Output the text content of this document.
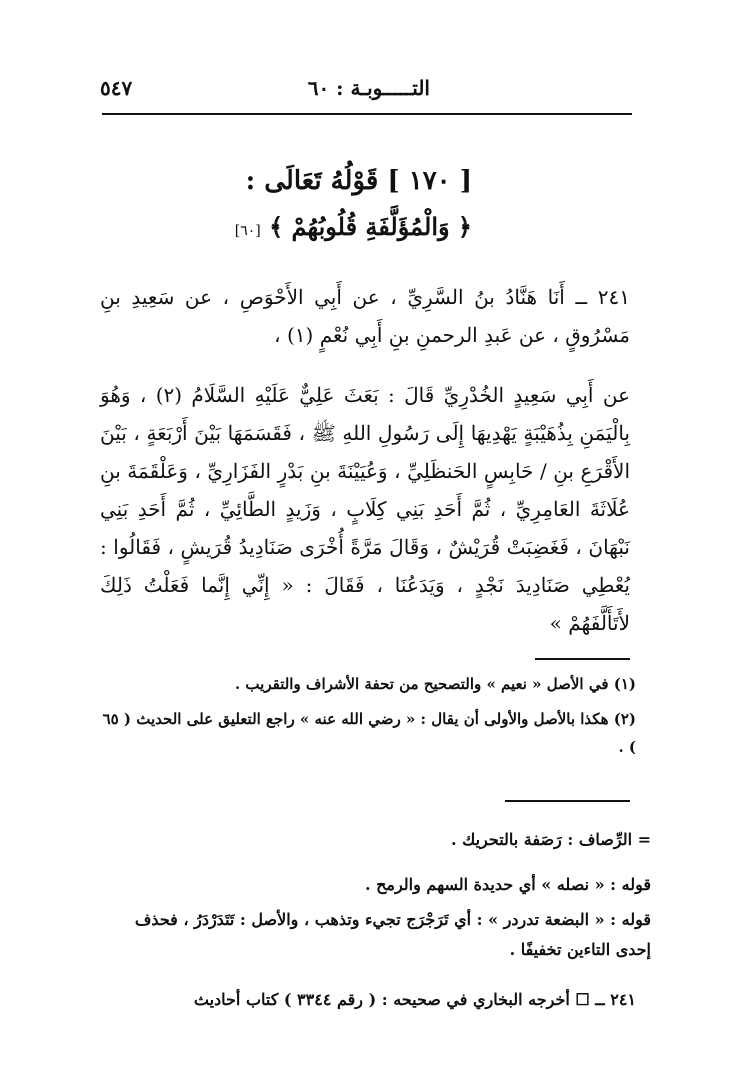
التـــــوبـة : ٦٠
٥٤٧
[ ١٧٠ ] قَوْلُهُ تَعَالَى :
﴿ وَالْمُؤَلَّفَةِ قُلُوبُهُمْ ﴾ [٦٠]
٢٤١ ــ أَنَا هَنَّادُ بنُ السَّرِيِّ ، عن أَبِي الأَحْوَصِ ، عن سَعِيدِ بنِ مَسْرُوقٍ ، عن عَبدِ الرحمنِ بنِ أَبِي نُعْمٍ (١) ،
عن أَبِي سَعِيدٍ الخُدْرِيِّ قَالَ : بَعَثَ عَلِيٌّ عَلَيْهِ السَّلَامُ (٢) ، وَهُوَ بِالْيَمَنِ بِذُهَيْبَةٍ يَهْدِيهَا إِلَى رَسُولِ اللهِ ﷺ ، فَقَسَمَهَا بَيْنَ أَرْبَعَةٍ ، بَيْنَ الأَقْرَعِ بنِ / حَابِسٍ الحَنظَلِيِّ ، وَعُيَيْنَةَ بنِ بَدْرٍ الفَزَارِيِّ ، وَعَلْقَمَةَ بنِ عُلَاثَةَ العَامِرِيِّ ، ثُمَّ أَحَدِ بَنِي كِلَابٍ ، وَزَيدٍ الطَّائِيِّ ، ثُمَّ أَحَدِ بَنِي نَبْهَانَ ، فَغَضِبَتْ قُرَيْشٌ ، وَقَالَ مَرَّةً أُخْرَى صَنَادِيدُ قُرَيشٍ ، فَقَالُوا : يُعْطِي صَنَادِيدَ نَجْدٍ ، وَيَدَعُنَا ، فَقَالَ : « إِنِّي إِنَّما فَعَلْتُ ذَلِكَ لأَتَأَلَّفَهُمْ »
(١) في الأصل « نعيم » والتصحيح من تحفة الأشراف والتقريب .
(٢) هكذا بالأصل والأولى أن يقال : « رضي الله عنه » راجع التعليق على الحديث ( ٦٥ ) .
= الرِّصاف : رَصَفة بالتحريك .
قوله : « نصله » أي حديدة السهم والرمح .
قوله : « البضعة تدردر » : أي تَرَجْرَج تجيء وتذهب ، والأصل : تَتَدَرْدَرُ ، فحذف إحدى التاءين تخفيفًا .
٢٤١ ــ ☐ أخرجه البخاري في صحيحه : ( رقم ٣٣٤٤ ) كتاب أحاديث
